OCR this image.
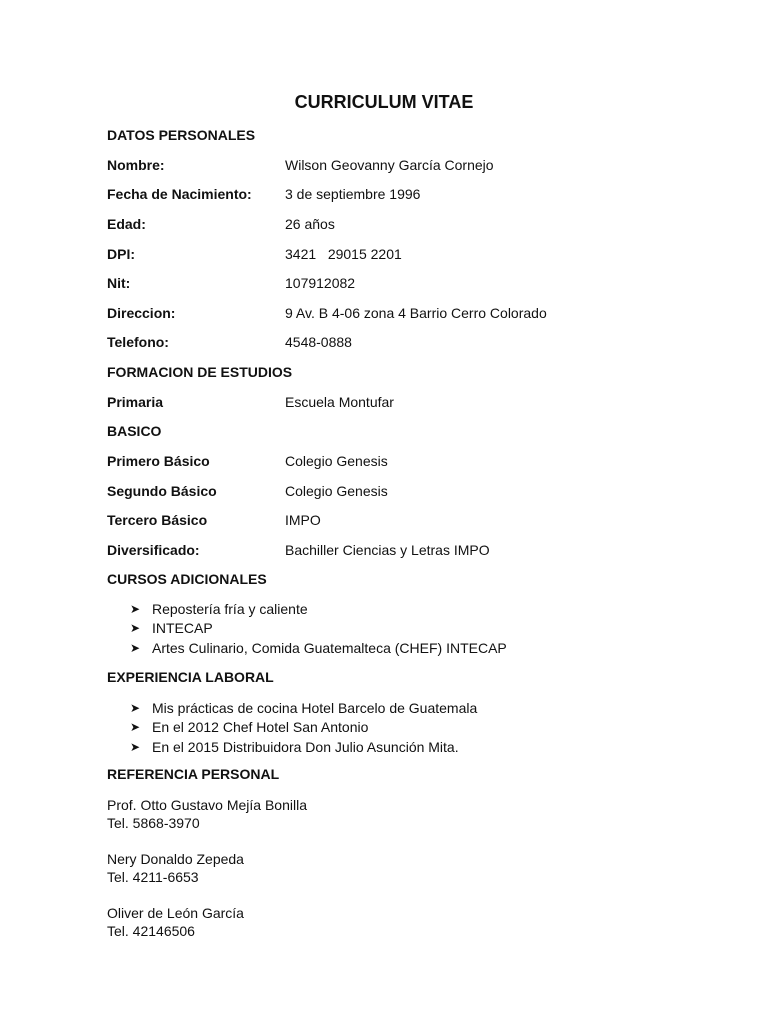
CURRICULUM VITAE
DATOS PERSONALES
Nombre:	Wilson Geovanny García Cornejo
Fecha de Nacimiento: 3 de septiembre 1996
Edad:	26 años
DPI:	3421   29015 2201
Nit:	107912082
Direccion:	9 Av. B 4-06 zona 4 Barrio Cerro Colorado
Telefono:	4548-0888
FORMACION DE ESTUDIOS
Primaria	Escuela Montufar
BASICO
Primero Básico	Colegio Genesis
Segundo Básico	Colegio Genesis
Tercero Básico	IMPO
Diversificado:	Bachiller Ciencias y Letras IMPO
CURSOS ADICIONALES
➤ Repostería fría y caliente
➤ INTECAP
➤ Artes Culinario, Comida Guatemalteca (CHEF) INTECAP
EXPERIENCIA LABORAL
➤ Mis prácticas de cocina Hotel Barcelo de Guatemala
➤ En el 2012 Chef Hotel San Antonio
➤ En el 2015 Distribuidora Don Julio Asunción Mita.
REFERENCIA PERSONAL
Prof. Otto Gustavo Mejía Bonilla
Tel. 5868-3970
Nery Donaldo Zepeda
Tel. 4211-6653
Oliver de León García
Tel. 42146506
